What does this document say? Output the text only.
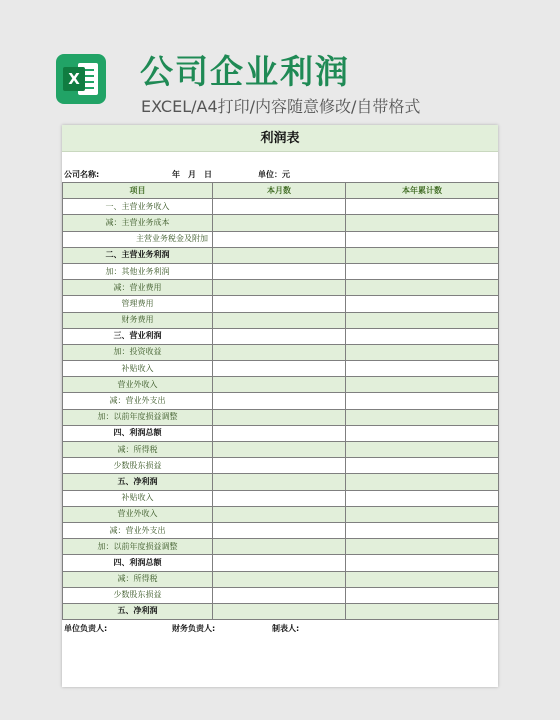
X 公司企业利润
EXCEL/A4打印/内容随意修改/自带格式
利润表
公司名称:	年　月　日	单位：元
项目	本月数	本年累计数
一、主营业务收入		
减：主营业务成本		
主营业务税金及附加		
二、主营业务利润		
加：其他业务利润		
减：营业费用		
管理费用		
财务费用		
三、营业利润		
加：投资收益		
补贴收入		
营业外收入		
减：营业外支出		
加：以前年度损益调整		
四、利润总额		
减：所得税		
少数股东损益		
五、净利润		
补贴收入		
营业外收入		
减：营业外支出		
加：以前年度损益调整		
四、利润总额		
减：所得税		
少数股东损益		
五、净利润		
单位负责人:	财务负责人:	制表人:
